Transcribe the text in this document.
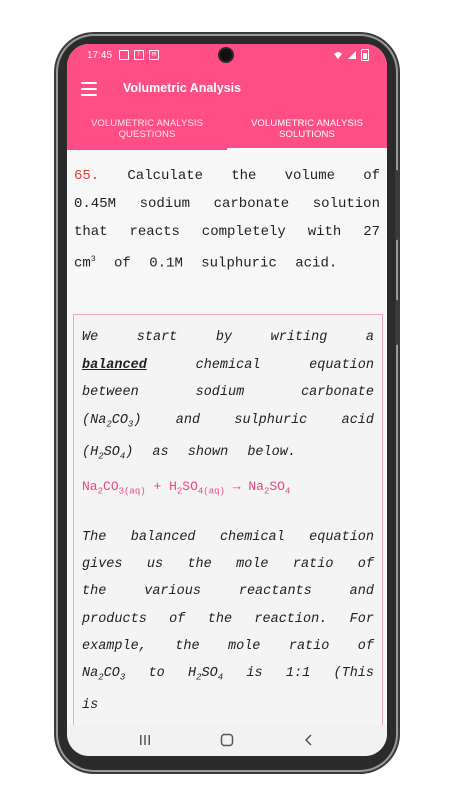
17:45	!	✉
Volumetric Analysis
VOLUMETRIC ANALYSIS
QUESTIONS
VOLUMETRIC ANALYSIS
SOLUTIONS
65. Calculate the volume of 0.45M sodium carbonate solution that reacts completely with 27 $cm^3$ of 0.1M sulphuric acid.
We start by writing a balanced	chemical equation between sodium carbonate $(Na_2CO_3)$ and sulphuric acid $(H_2SO_4)$ as shown below.
$Na_2CO_{3(aq)} + H_2SO_{4(aq)} \to Na_2SO_4$
The balanced chemical equation gives us the mole ratio of the various reactants and products of the reaction. For example, the mole ratio of $Na_2CO_3$ to $H_2SO_4$ is 1:1 (This is
